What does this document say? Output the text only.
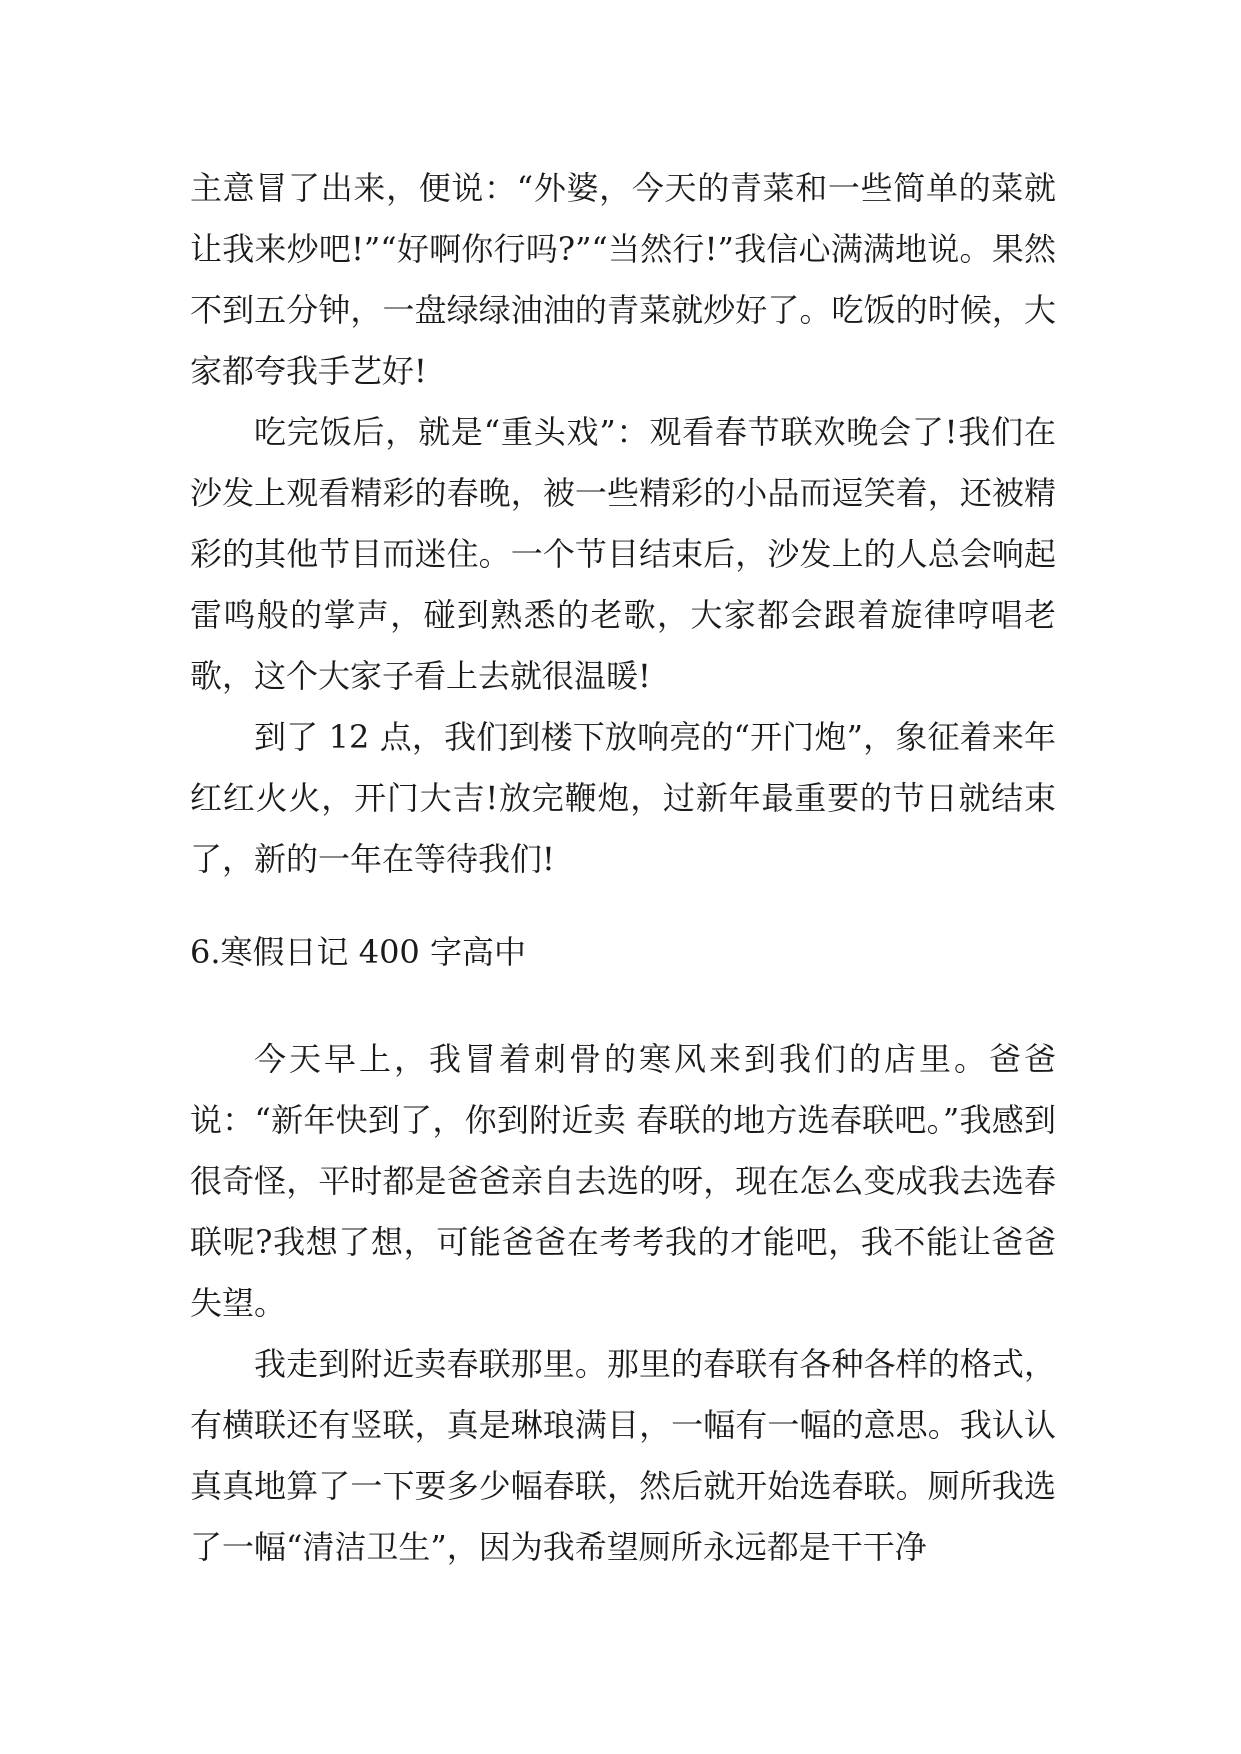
主意冒了出来，便说：“外婆，今天的青菜和一些简单的菜就让我来炒吧!”“好啊你行吗?”“当然行!”我信心满满地说。果然不到五分钟，一盘绿绿油油的青菜就炒好了。吃饭的时候，大家都夸我手艺好!

吃完饭后，就是“重头戏”：观看春节联欢晚会了!我们在沙发上观看精彩的春晚，被一些精彩的小品而逗笑着，还被精彩的其他节目而迷住。一个节目结束后，沙发上的人总会响起雷鸣般的掌声，碰到熟悉的老歌，大家都会跟着旋律哼唱老歌，这个大家子看上去就很温暖!

到了 12 点，我们到楼下放响亮的“开门炮”，象征着来年红红火火，开门大吉!放完鞭炮，过新年最重要的节日就结束了，新的一年在等待我们!

6.寒假日记 400 字高中

今天早上，我冒着刺骨的寒风来到我们的店里。爸爸说：“新年快到了，你到附近卖 春联的地方选春联吧。”我感到很奇怪，平时都是爸爸亲自去选的呀，现在怎么变成我去选春联呢?我想了想，可能爸爸在考考我的才能吧，我不能让爸爸失望。

我走到附近卖春联那里。那里的春联有各种各样的格式，有横联还有竖联，真是琳琅满目，一幅有一幅的意思。我认认真真地算了一下要多少幅春联，然后就开始选春联。厕所我选了一幅“清洁卫生”，因为我希望厕所永远都是干干净
